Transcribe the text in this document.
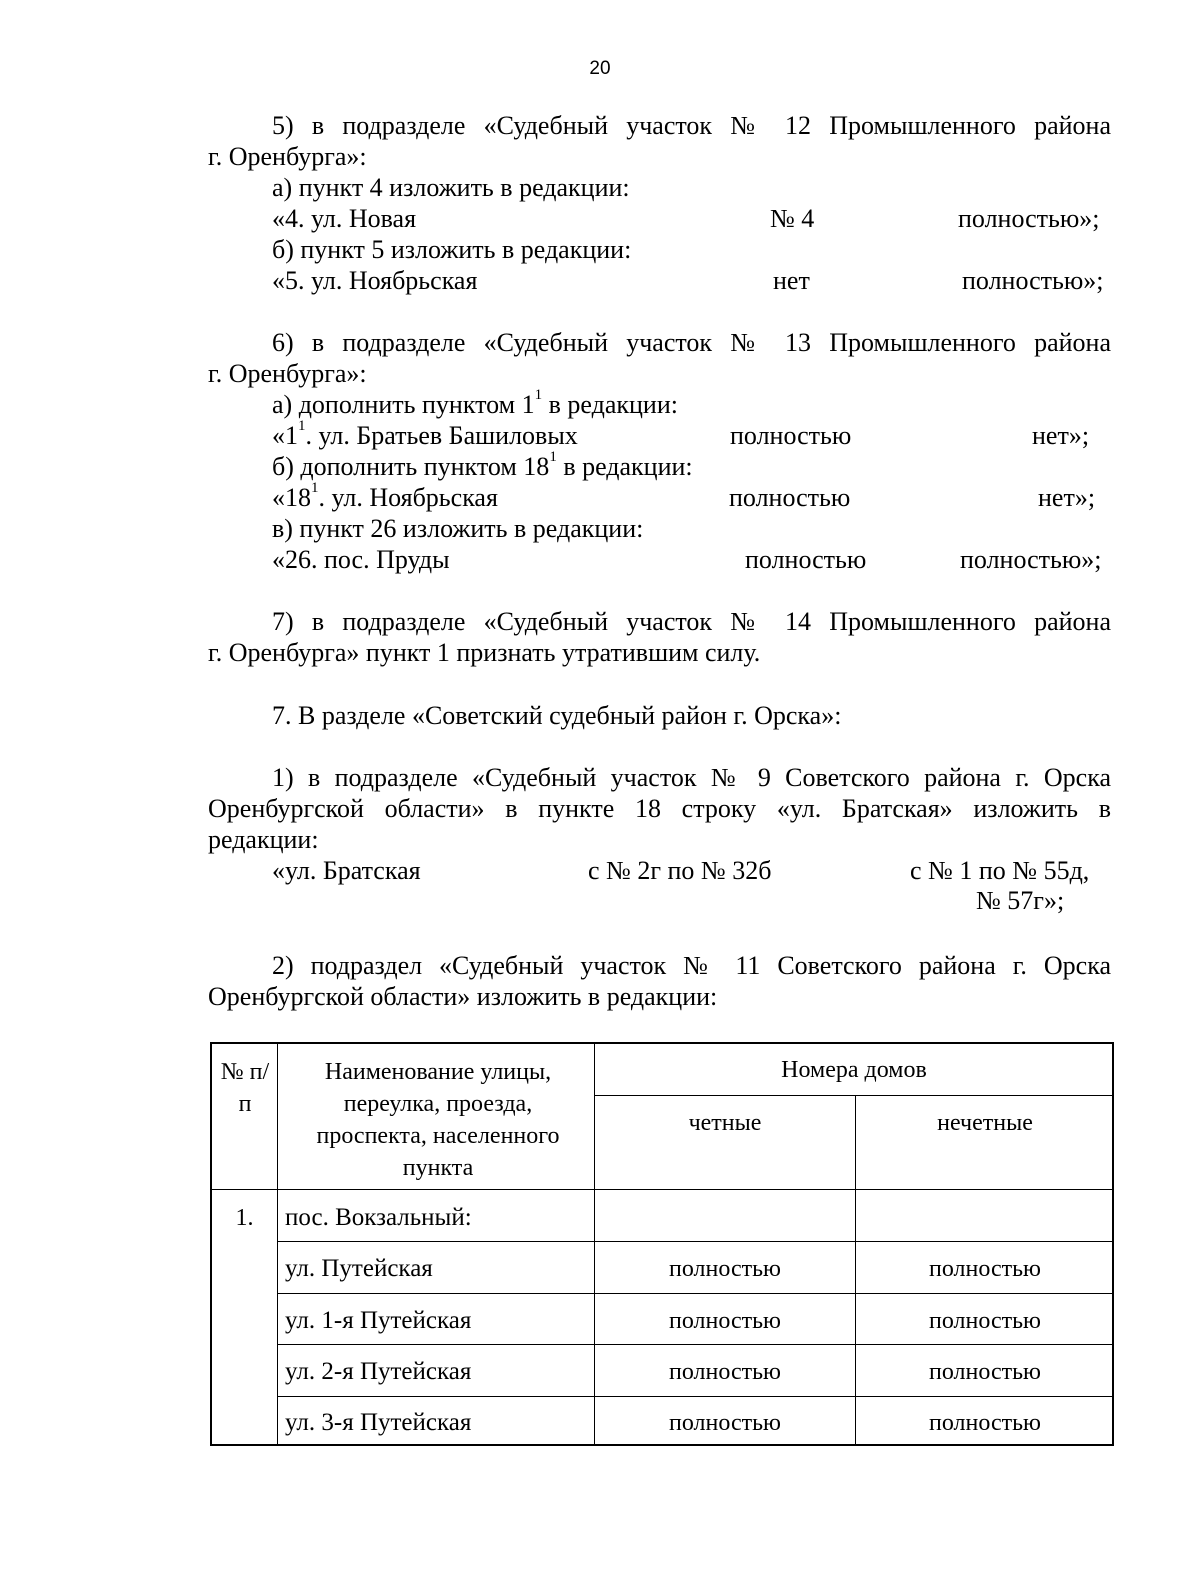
20
5) в подразделе «Судебный участок № 12 Промышленного района
г. Оренбурга»:
а) пункт 4 изложить в редакции:
«4. ул. Новая	№ 4	полностью»;
б) пункт 5 изложить в редакции:
«5. ул. Ноябрьская	нет	полностью»;
6) в подразделе «Судебный участок № 13 Промышленного района
г. Оренбурга»:
а) дополнить пунктом $1^1$ в редакции:
«$1^1$. ул. Братьев Башиловых	полностью	нет»;
б) дополнить пунктом $18^1$ в редакции:
«$18^1$. ул. Ноябрьская	полностью	нет»;
в) пункт 26 изложить в редакции:
«26. пос. Пруды	полностью	полностью»;
7) в подразделе «Судебный участок № 14 Промышленного района
г. Оренбурга» пункт 1 признать утратившим силу.
7. В разделе «Советский судебный район г. Орска»:
1) в подразделе «Судебный участок № 9 Советского района г. Орска
Оренбургской области» в пункте 18 строку «ул. Братская» изложить в
редакции:
«ул. Братская	с № 2г по № 32б	с № 1 по № 55д,
№ 57г»;
2) подраздел «Судебный участок № 11 Советского района г. Орска
Оренбургской области» изложить в редакции:
№ п/п
Наименование улицы, переулка, проезда, проспекта, населенного пункта
Номера домов
четные	нечетные
1.	пос. Вокзальный:
ул. Путейская	полностью	полностью
ул. 1-я Путейская	полностью	полностью
ул. 2-я Путейская	полностью	полностью
ул. 3-я Путейская	полностью	полностью
